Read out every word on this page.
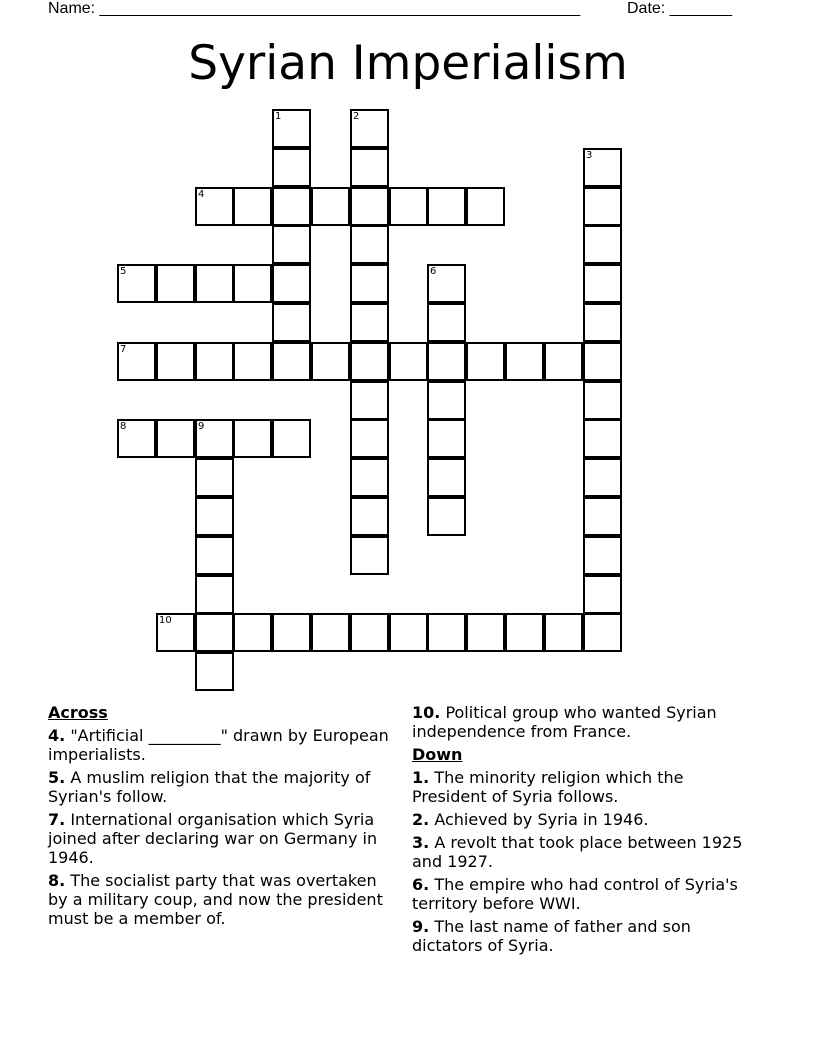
Name: ______________________________________________________	Date: _______
Syrian Imperialism
1	2
3
4
5	6
7
8	9
10
Across
4. "Artificial _________" drawn by European imperialists.
5. A muslim religion that the majority of Syrian's follow.
7. International organisation which Syria joined after declaring war on Germany in 1946.
8. The socialist party that was overtaken by a military coup, and now the president must be a member of.
10. Political group who wanted Syrian independence from France.
Down
1. The minority religion which the President of Syria follows.
2. Achieved by Syria in 1946.
3. A revolt that took place between 1925 and 1927.
6. The empire who had control of Syria's territory before WWI.
9. The last name of father and son dictators of Syria.
